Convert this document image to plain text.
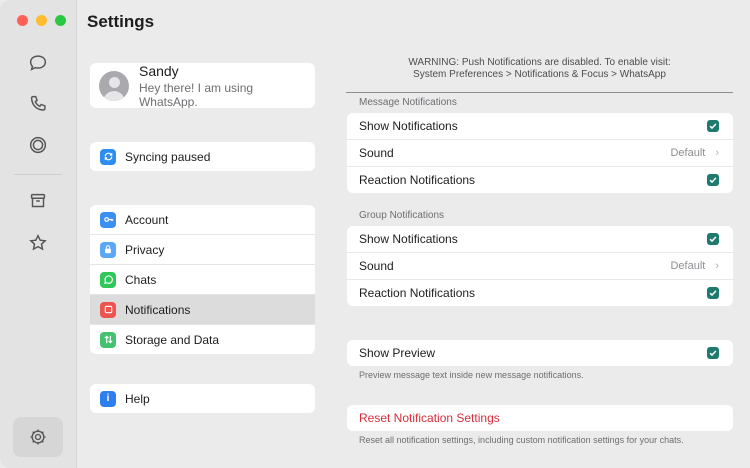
Settings
Sandy
Hey there! I am using WhatsApp.
Syncing paused
Account
Privacy
Chats
Notifications
Storage and Data
i	Help
WARNING: Push Notifications are disabled. To enable visit:
System Preferences > Notifications & Focus > WhatsApp
Message Notifications
Show Notifications
Sound	Default ›
Reaction Notifications
Group Notifications
Show Notifications
Sound	Default ›
Reaction Notifications
Show Preview
Preview message text inside new message notifications.
Reset Notification Settings
Reset all notification settings, including custom notification settings for your chats.
